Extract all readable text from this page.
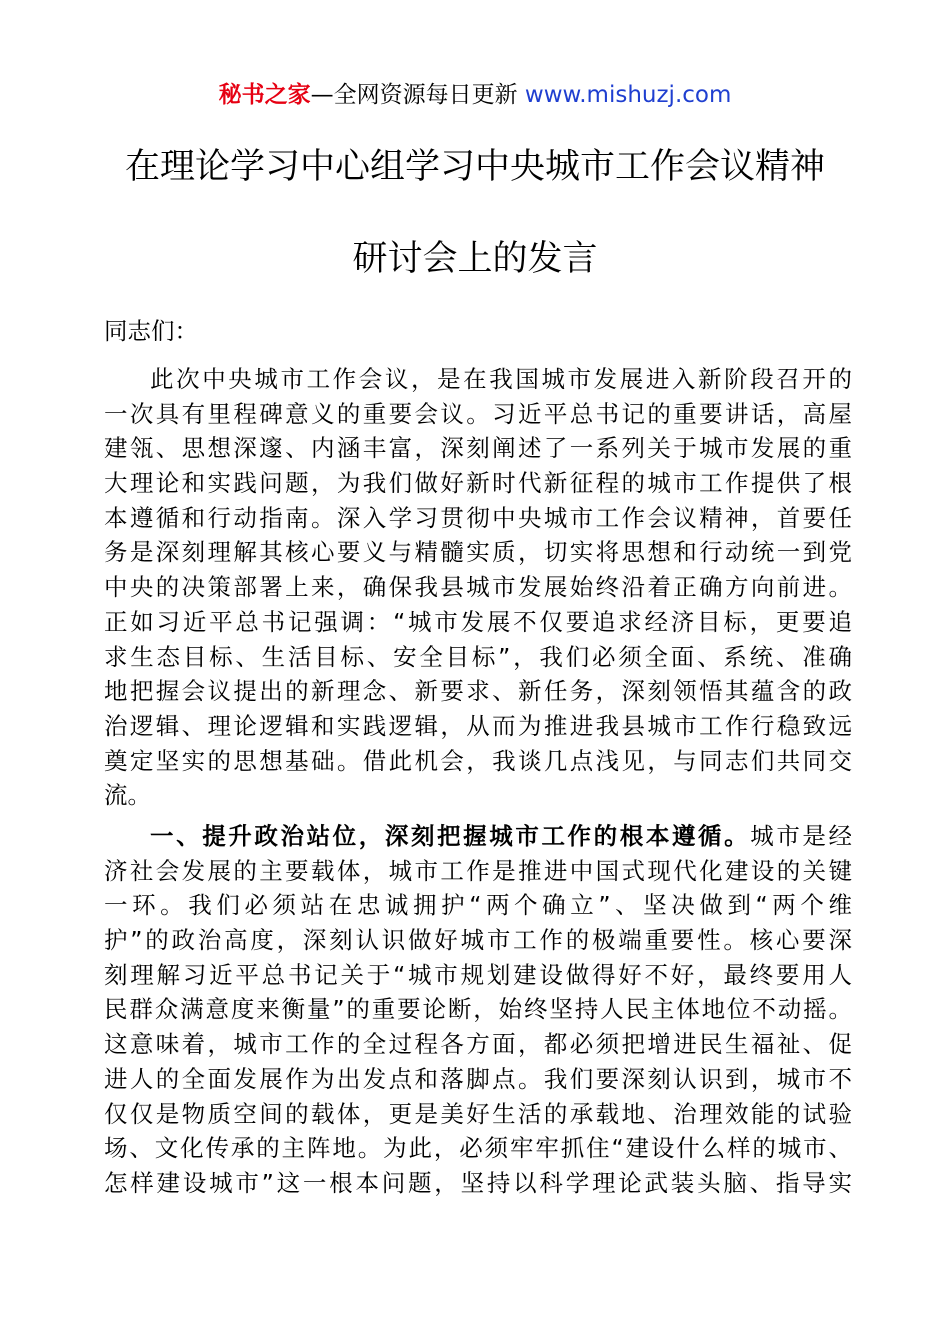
秘书之家—全网资源每日更新 www.mishuzj.com
在理论学习中心组学习中央城市工作会议精神
研讨会上的发言
同志们：
此次中央城市工作会议，是在我国城市发展进入新阶段召开的
一次具有里程碑意义的重要会议。习近平总书记的重要讲话，高屋
建瓴、思想深邃、内涵丰富，深刻阐述了一系列关于城市发展的重
大理论和实践问题，为我们做好新时代新征程的城市工作提供了根
本遵循和行动指南。深入学习贯彻中央城市工作会议精神，首要任
务是深刻理解其核心要义与精髓实质，切实将思想和行动统一到党
中央的决策部署上来，确保我县城市发展始终沿着正确方向前进。
正如习近平总书记强调：“城市发展不仅要追求经济目标，更要追
求生态目标、生活目标、安全目标”，我们必须全面、系统、准确
地把握会议提出的新理念、新要求、新任务，深刻领悟其蕴含的政
治逻辑、理论逻辑和实践逻辑，从而为推进我县城市工作行稳致远
奠定坚实的思想基础。借此机会，我谈几点浅见，与同志们共同交
流。
一、提升政治站位，深刻把握城市工作的根本遵循。城市是经
济社会发展的主要载体，城市工作是推进中国式现代化建设的关键
一环。我们必须站在忠诚拥护“两个确立”、坚决做到“两个维
护”的政治高度，深刻认识做好城市工作的极端重要性。核心要深
刻理解习近平总书记关于“城市规划建设做得好不好，最终要用人
民群众满意度来衡量”的重要论断，始终坚持人民主体地位不动摇。
这意味着，城市工作的全过程各方面，都必须把增进民生福祉、促
进人的全面发展作为出发点和落脚点。我们要深刻认识到，城市不
仅仅是物质空间的载体，更是美好生活的承载地、治理效能的试验
场、文化传承的主阵地。为此，必须牢牢抓住“建设什么样的城市、
怎样建设城市”这一根本问题，坚持以科学理论武装头脑、指导实
